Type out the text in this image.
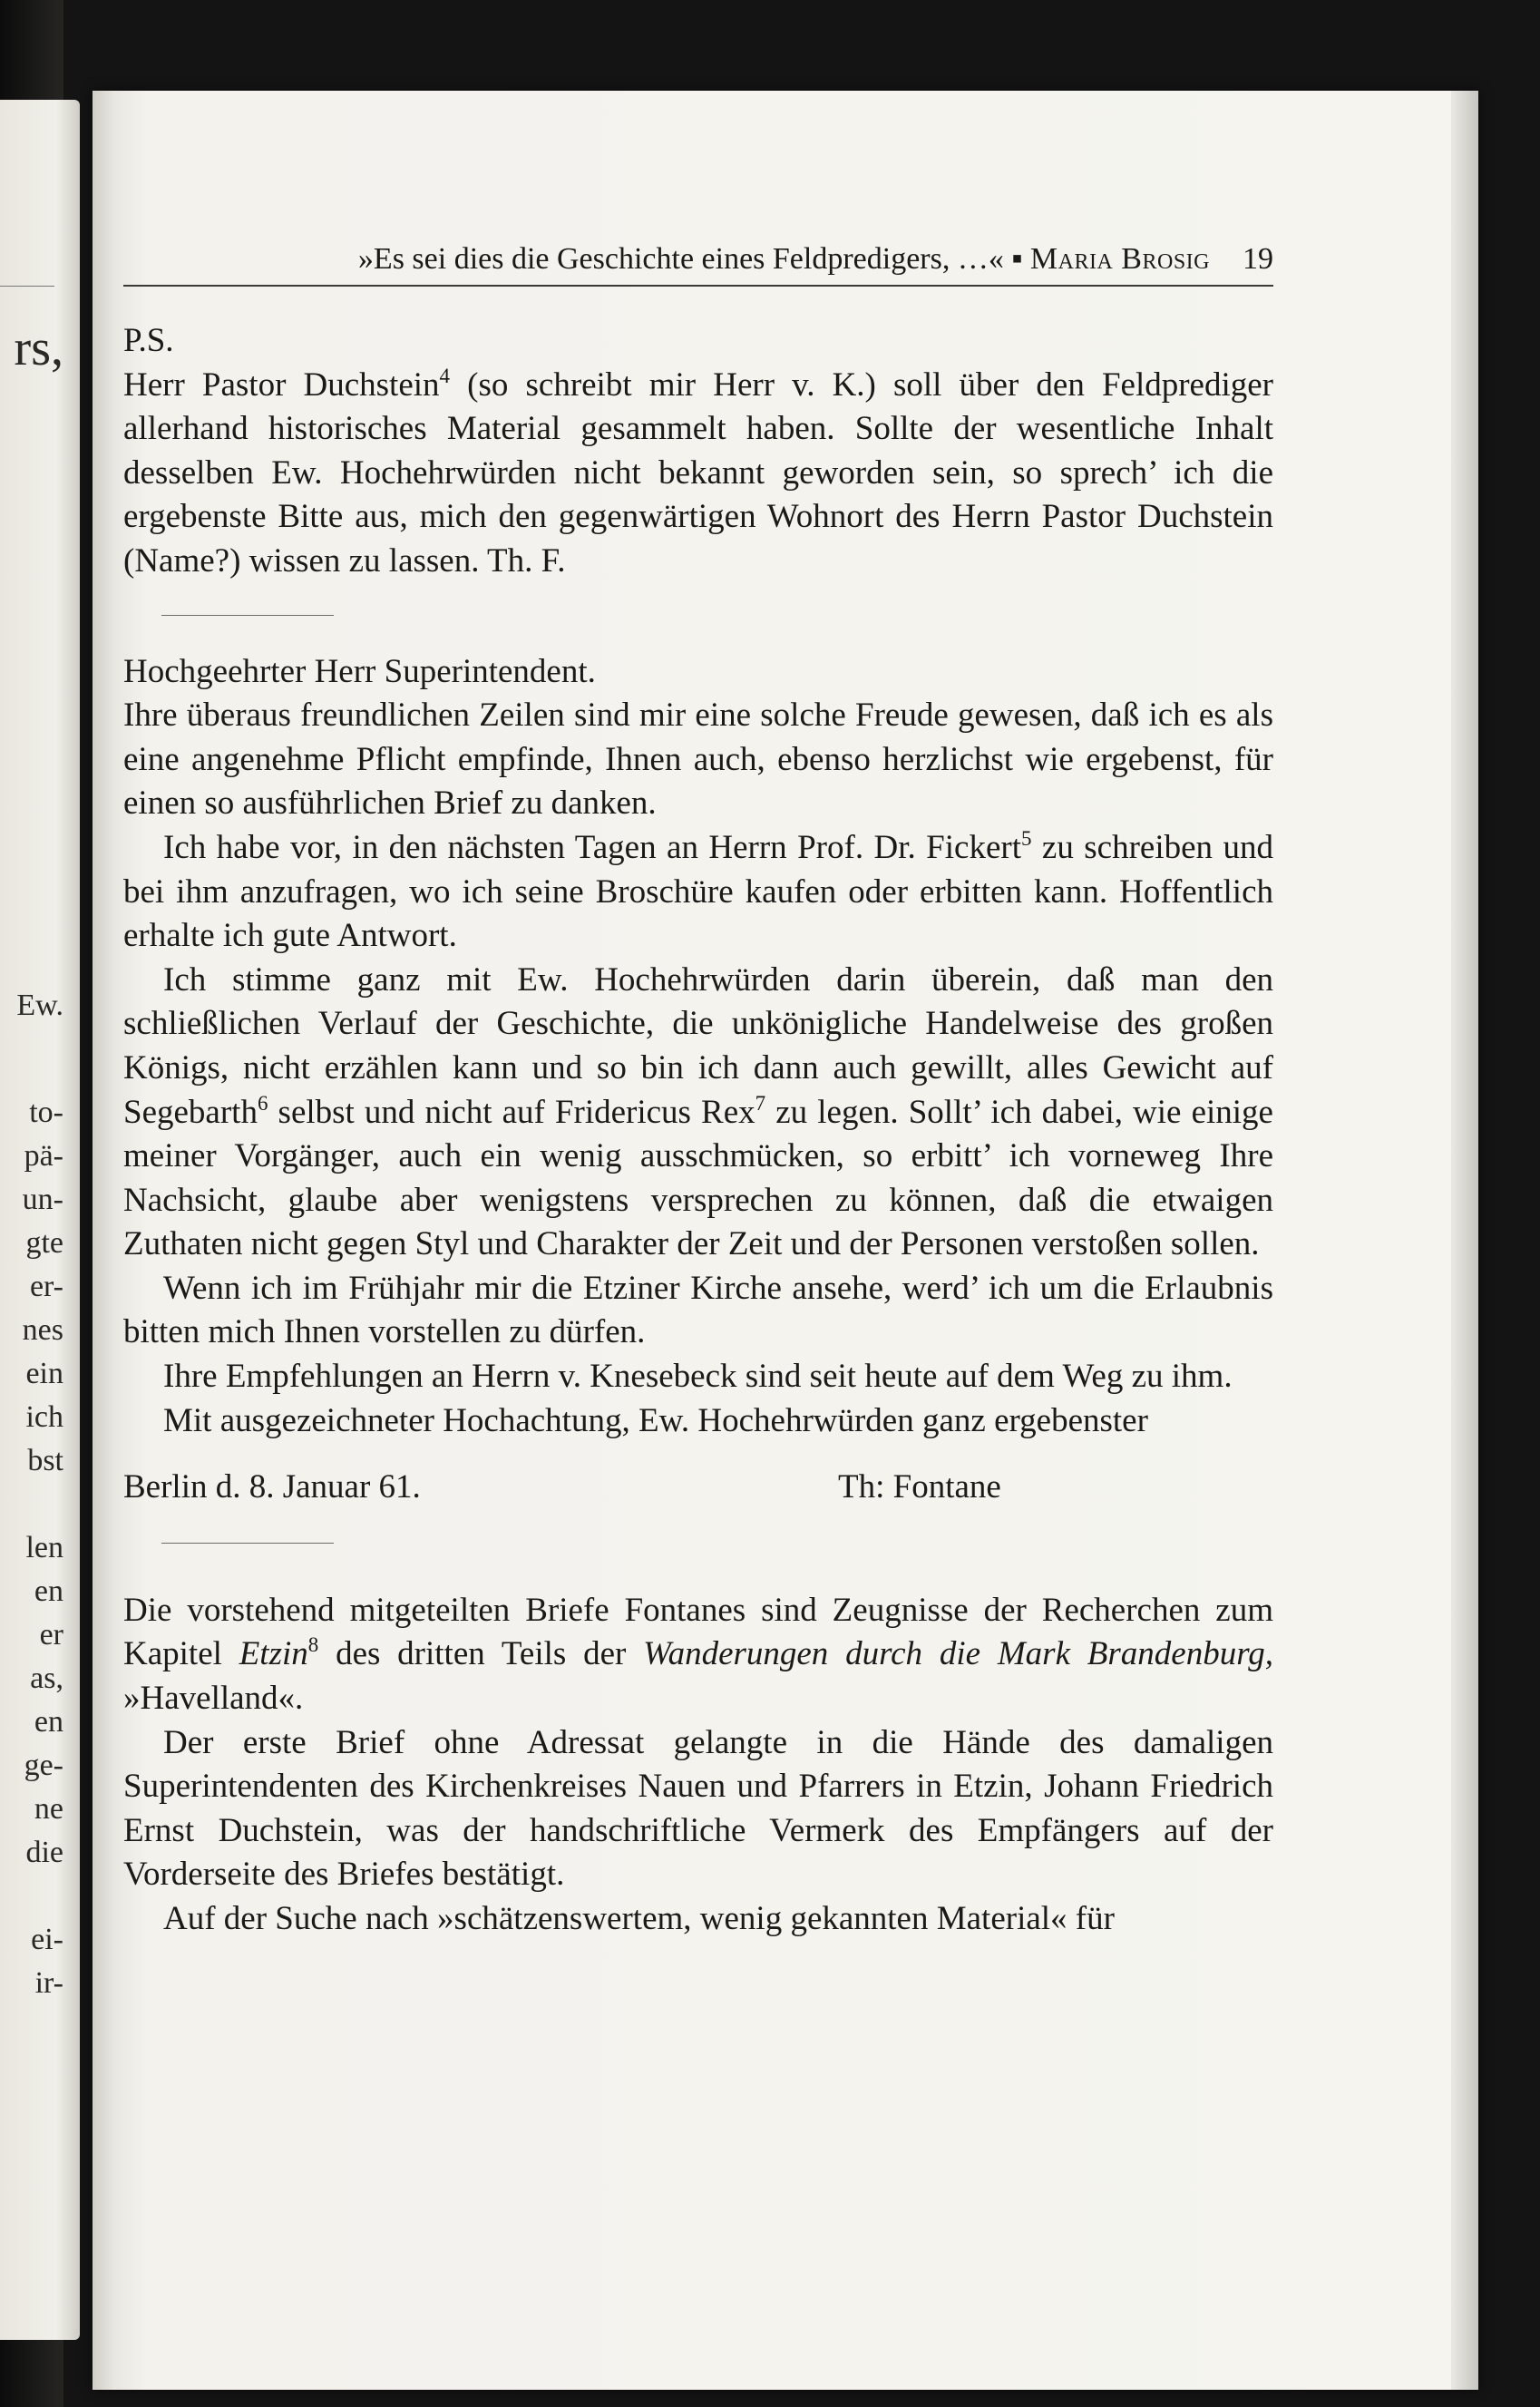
rs,
Ew.
to-
pä-
un-
gte
er-
nes
ein
ich
bst
len
en
er
as,
en
ge-
ne
die
ei-
ir-
»Es sei dies die Geschichte eines Feldpredigers, …« ▪ Maria Brosig 19

P.S.

Herr Pastor Duchstein$^4$ (so schreibt mir Herr v. K.) soll über den Feldprediger allerhand historisches Material gesammelt haben. Sollte der wesentliche Inhalt desselben Ew. Hochehrwürden nicht bekannt geworden sein, so sprech’ ich die ergebenste Bitte aus, mich den gegenwärtigen Wohnort des Herrn Pastor Duchstein (Name?) wissen zu lassen. Th. F.

Hochgeehrter Herr Superintendent.

Ihre überaus freundlichen Zeilen sind mir eine solche Freude gewesen, daß ich es als eine angenehme Pflicht empfinde, Ihnen auch, ebenso herzlichst wie ergebenst, für einen so ausführlichen Brief zu danken.

Ich habe vor, in den nächsten Tagen an Herrn Prof. Dr. Fickert$^5$ zu schreiben und bei ihm anzufragen, wo ich seine Broschüre kaufen oder erbitten kann. Hoffentlich erhalte ich gute Antwort.

Ich stimme ganz mit Ew. Hochehrwürden darin überein, daß man den schließlichen Verlauf der Geschichte, die unkönigliche Handelweise des großen Königs, nicht erzählen kann und so bin ich dann auch gewillt, alles Gewicht auf Segebarth$^6$ selbst und nicht auf Fridericus Rex$^7$ zu legen. Sollt’ ich dabei, wie einige meiner Vorgänger, auch ein wenig ausschmücken, so erbitt’ ich vorneweg Ihre Nachsicht, glaube aber wenigstens versprechen zu können, daß die etwaigen Zuthaten nicht gegen Styl und Charakter der Zeit und der Personen verstoßen sollen.

Wenn ich im Frühjahr mir die Etziner Kirche ansehe, werd’ ich um die Erlaubnis bitten mich Ihnen vorstellen zu dürfen.

Ihre Empfehlungen an Herrn v. Knesebeck sind seit heute auf dem Weg zu ihm.

Mit ausgezeichneter Hochachtung, Ew. Hochehrwürden ganz ergebenster

Berlin d. 8. Januar 61.	Th: Fontane

Die vorstehend mitgeteilten Briefe Fontanes sind Zeugnisse der Recherchen zum Kapitel Etzin$^8$ des dritten Teils der Wanderungen durch die Mark Brandenburg, »Havelland«.

Der erste Brief ohne Adressat gelangte in die Hände des damaligen Superintendenten des Kirchenkreises Nauen und Pfarrers in Etzin, Johann Friedrich Ernst Duchstein, was der handschriftliche Vermerk des Empfängers auf der Vorderseite des Briefes bestätigt.

Auf der Suche nach »schätzenswertem, wenig gekannten Material« für
